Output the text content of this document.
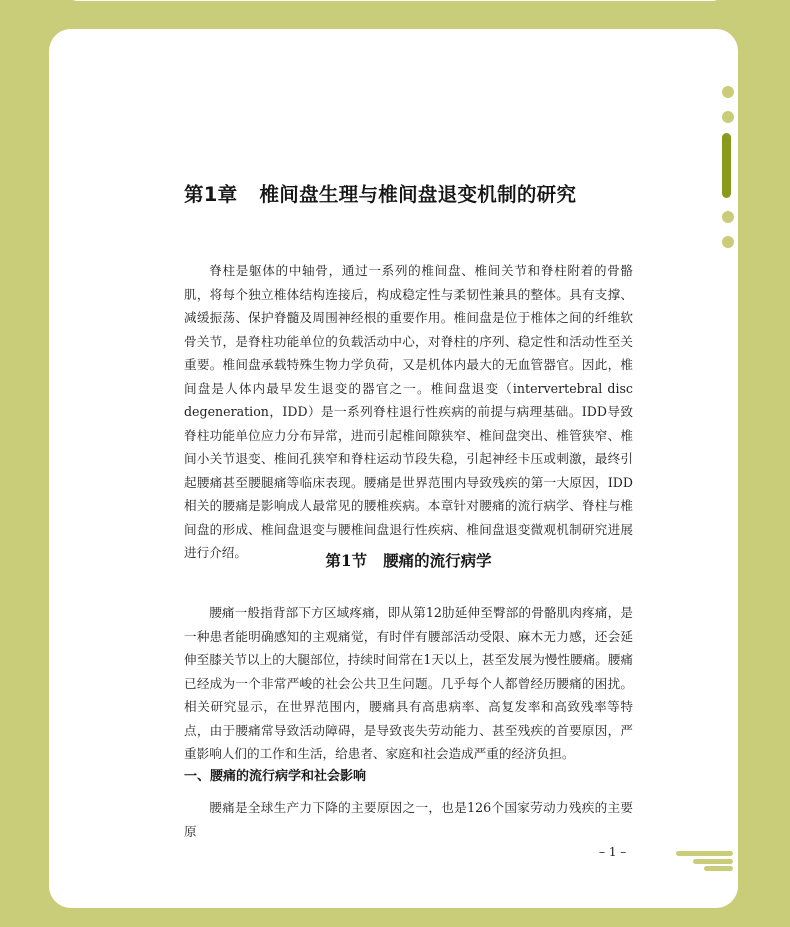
第1章 椎间盘生理与椎间盘退变机制的研究

脊柱是躯体的中轴骨，通过一系列的椎间盘、椎间关节和脊柱附着的骨骼肌，将每个独立椎体结构连接后，构成稳定性与柔韧性兼具的整体。具有支撑、减缓振荡、保护脊髓及周围神经根的重要作用。椎间盘是位于椎体之间的纤维软骨关节，是脊柱功能单位的负载活动中心，对脊柱的序列、稳定性和活动性至关重要。椎间盘承载特殊生物力学负荷，又是机体内最大的无血管器官。因此，椎间盘是人体内最早发生退变的器官之一。椎间盘退变（intervertebral disc degeneration，IDD）是一系列脊柱退行性疾病的前提与病理基础。IDD导致脊柱功能单位应力分布异常，进而引起椎间隙狭窄、椎间盘突出、椎管狭窄、椎间小关节退变、椎间孔狭窄和脊柱运动节段失稳，引起神经卡压或刺激，最终引起腰痛甚至腰腿痛等临床表现。腰痛是世界范围内导致残疾的第一大原因，IDD相关的腰痛是影响成人最常见的腰椎疾病。本章针对腰痛的流行病学、脊柱与椎间盘的形成、椎间盘退变与腰椎间盘退行性疾病、椎间盘退变微观机制研究进展进行介绍。	第1节 腰痛的流行病学

腰痛一般指背部下方区域疼痛，即从第12肋延伸至臀部的骨骼肌肉疼痛，是一种患者能明确感知的主观痛觉，有时伴有腰部活动受限、麻木无力感，还会延伸至膝关节以上的大腿部位，持续时间常在1天以上，甚至发展为慢性腰痛。腰痛已经成为一个非常严峻的社会公共卫生问题。几乎每个人都曾经历腰痛的困扰。相关研究显示，在世界范围内，腰痛具有高患病率、高复发率和高致残率等特点，由于腰痛常导致活动障碍，是导致丧失劳动能力、甚至残疾的首要原因，严重影响人们的工作和生活，给患者、家庭和社会造成严重的经济负担。

一、腰痛的流行病学和社会影响

腰痛是全球生产力下降的主要原因之一，也是126个国家劳动力残疾的主要原

– 1 –
